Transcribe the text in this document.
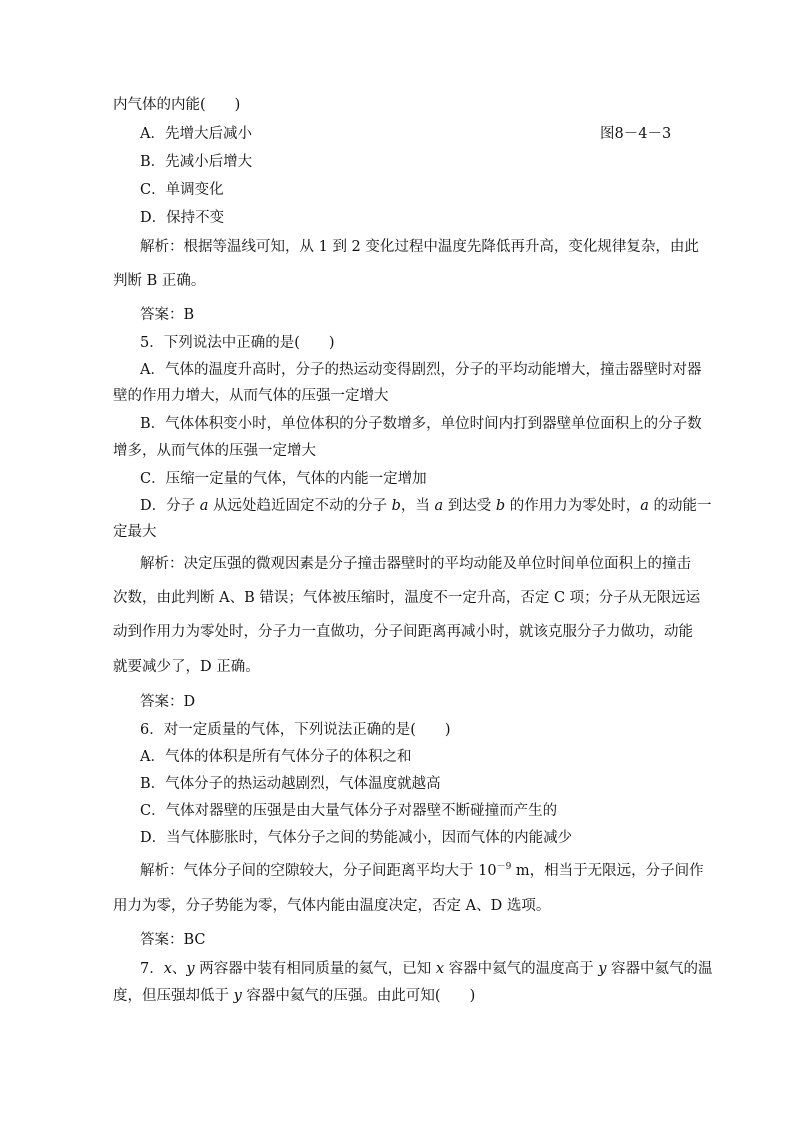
内气体的内能(　　)
A．先增大后减小	图8－4－3
B．先减小后增大
C．单调变化
D．保持不变
解析：根据等温线可知，从 1 到 2 变化过程中温度先降低再升高，变化规律复杂，由此
判断 B 正确。
答案：B
5．下列说法中正确的是(　　)
A．气体的温度升高时，分子的热运动变得剧烈，分子的平均动能增大，撞击器壁时对器
壁的作用力增大，从而气体的压强一定增大
B．气体体积变小时，单位体积的分子数增多，单位时间内打到器壁单位面积上的分子数
增多，从而气体的压强一定增大
C．压缩一定量的气体，气体的内能一定增加
D．分子 a 从远处趋近固定不动的分子 b，当 a 到达受 b 的作用力为零处时，a 的动能一
定最大
解析：决定压强的微观因素是分子撞击器壁时的平均动能及单位时间单位面积上的撞击
次数，由此判断 A、B 错误；气体被压缩时，温度不一定升高，否定 C 项；分子从无限远运
动到作用力为零处时，分子力一直做功，分子间距离再减小时，就该克服分子力做功，动能
就要减少了，D 正确。
答案：D
6．对一定质量的气体，下列说法正确的是(　　)
A．气体的体积是所有气体分子的体积之和
B．气体分子的热运动越剧烈，气体温度就越高
C．气体对器壁的压强是由大量气体分子对器壁不断碰撞而产生的
D．当气体膨胀时，气体分子之间的势能减小，因而气体的内能减少
解析：气体分子间的空隙较大，分子间距离平均大于 $10^{-9}$ m，相当于无限远，分子间作
用力为零，分子势能为零，气体内能由温度决定，否定 A、D 选项。
答案：BC
7．x、y 两容器中装有相同质量的氦气，已知 x 容器中氦气的温度高于 y 容器中氦气的温
度，但压强却低于 y 容器中氦气的压强。由此可知(　　)
